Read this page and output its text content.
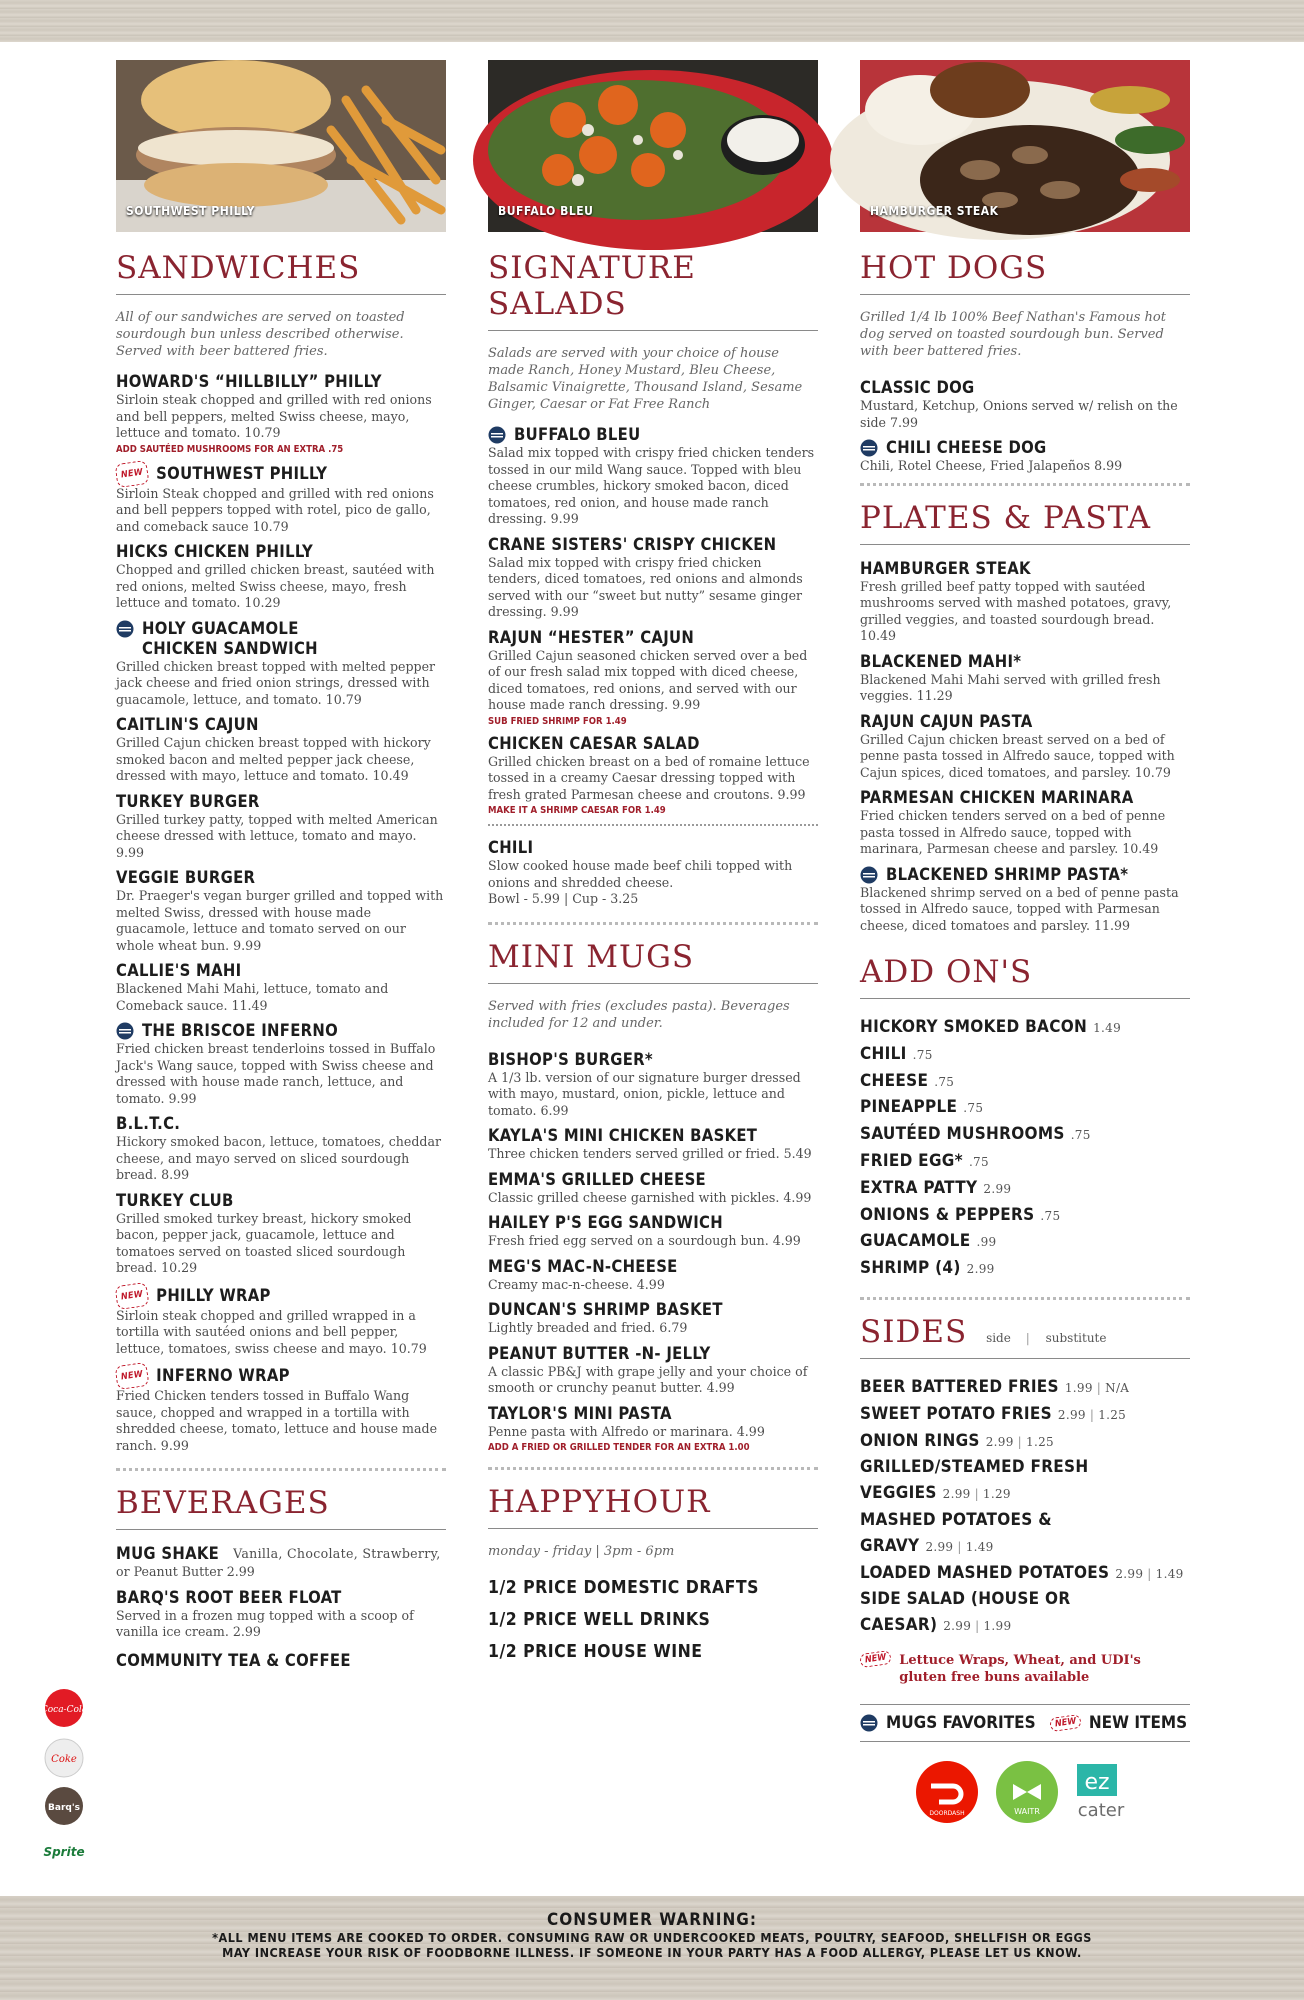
SOUTHWEST PHILLY
SANDWICHES
All of our sandwiches are served on toasted sourdough bun unless described otherwise. Served with beer battered fries.
HOWARD'S “HILLBILLY” PHILLY
Sirloin steak chopped and grilled with red onions and bell peppers, melted Swiss cheese, mayo, lettuce and tomato. 10.79
ADD SAUTÉED MUSHROOMS FOR AN EXTRA .75
NEW SOUTHWEST PHILLY
Sirloin Steak chopped and grilled with red onions and bell peppers topped with rotel, pico de gallo, and comeback sauce 10.79
HICKS CHICKEN PHILLY
Chopped and grilled chicken breast, sautéed with red onions, melted Swiss cheese, mayo, fresh lettuce and tomato. 10.29
HOLY GUACAMOLE
CHICKEN SANDWICH
Grilled chicken breast topped with melted pepper jack cheese and fried onion strings, dressed with guacamole, lettuce, and tomato. 10.79
CAITLIN'S CAJUN
Grilled Cajun chicken breast topped with hickory smoked bacon and melted pepper jack cheese, dressed with mayo, lettuce and tomato. 10.49
TURKEY BURGER
Grilled turkey patty, topped with melted American cheese dressed with lettuce, tomato and mayo. 9.99
VEGGIE BURGER
Dr. Praeger's vegan burger grilled and topped with melted Swiss, dressed with house made guacamole, lettuce and tomato served on our whole wheat bun. 9.99
CALLIE'S MAHI
Blackened Mahi Mahi, lettuce, tomato and Comeback sauce. 11.49
THE BRISCOE INFERNO
Fried chicken breast tenderloins tossed in Buffalo Jack's Wang sauce, topped with Swiss cheese and dressed with house made ranch, lettuce, and tomato. 9.99
B.L.T.C.
Hickory smoked bacon, lettuce, tomatoes, cheddar cheese, and mayo served on sliced sourdough bread. 8.99
TURKEY CLUB
Grilled smoked turkey breast, hickory smoked bacon, pepper jack, guacamole, lettuce and tomatoes served on toasted sliced sourdough bread. 10.29
NEW PHILLY WRAP
Sirloin steak chopped and grilled wrapped in a tortilla with sautéed onions and bell pepper, lettuce, tomatoes, swiss cheese and mayo. 10.79
NEW INFERNO WRAP
Fried Chicken tenders tossed in Buffalo Wang sauce, chopped and wrapped in a tortilla with shredded cheese, tomato, lettuce and house made ranch. 9.99
BEVERAGES
MUG SHAKE Vanilla, Chocolate, Strawberry,
or Peanut Butter 2.99
BARQ'S ROOT BEER FLOAT
Served in a frozen mug topped with a scoop of vanilla ice cream. 2.99
COMMUNITY TEA & COFFEE
Coca-Cola
Coke
Barq's
Sprite
BUFFALO BLEU
SIGNATURE SALADS
Salads are served with your choice of house made Ranch, Honey Mustard, Bleu Cheese, Balsamic Vinaigrette, Thousand Island, Sesame Ginger, Caesar or Fat Free Ranch
BUFFALO BLEU
Salad mix topped with crispy fried chicken tenders tossed in our mild Wang sauce. Topped with bleu cheese crumbles, hickory smoked bacon, diced tomatoes, red onion, and house made ranch dressing. 9.99
CRANE SISTERS' CRISPY CHICKEN
Salad mix topped with crispy fried chicken tenders, diced tomatoes, red onions and almonds served with our “sweet but nutty” sesame ginger dressing. 9.99
RAJUN “HESTER” CAJUN
Grilled Cajun seasoned chicken served over a bed of our fresh salad mix topped with diced cheese, diced tomatoes, red onions, and served with our house made ranch dressing. 9.99
SUB FRIED SHRIMP FOR 1.49
CHICKEN CAESAR SALAD
Grilled chicken breast on a bed of romaine lettuce tossed in a creamy Caesar dressing topped with fresh grated Parmesan cheese and croutons. 9.99
MAKE IT A SHRIMP CAESAR FOR 1.49
CHILI
Slow cooked house made beef chili topped with onions and shredded cheese.
Bowl - 5.99 | Cup - 3.25
MINI MUGS
Served with fries (excludes pasta). Beverages included for 12 and under.
BISHOP'S BURGER*
A 1/3 lb. version of our signature burger dressed with mayo, mustard, onion, pickle, lettuce and tomato. 6.99
KAYLA'S MINI CHICKEN BASKET
Three chicken tenders served grilled or fried. 5.49
EMMA'S GRILLED CHEESE
Classic grilled cheese garnished with pickles. 4.99
HAILEY P'S EGG SANDWICH
Fresh fried egg served on a sourdough bun. 4.99
MEG'S MAC-N-CHEESE
Creamy mac-n-cheese. 4.99
DUNCAN'S SHRIMP BASKET
Lightly breaded and fried. 6.79
PEANUT BUTTER -N- JELLY
A classic PB&J with grape jelly and your choice of smooth or crunchy peanut butter. 4.99
TAYLOR'S MINI PASTA
Penne pasta with Alfredo or marinara. 4.99
ADD A FRIED OR GRILLED TENDER FOR AN EXTRA 1.00
HAPPYHOUR
monday - friday | 3pm - 6pm
1/2 PRICE DOMESTIC DRAFTS
1/2 PRICE WELL DRINKS
1/2 PRICE HOUSE WINE
HAMBURGER STEAK
HOT DOGS
Grilled 1/4 lb 100% Beef Nathan's Famous hot dog served on toasted sourdough bun. Served with beer battered fries.
CLASSIC DOG
Mustard, Ketchup, Onions served w/ relish on the side 7.99
CHILI CHEESE DOG
Chili, Rotel Cheese, Fried Jalapeños 8.99
PLATES & PASTA
HAMBURGER STEAK
Fresh grilled beef patty topped with sautéed mushrooms served with mashed potatoes, gravy, grilled veggies, and toasted sourdough bread. 10.49
BLACKENED MAHI*
Blackened Mahi Mahi served with grilled fresh veggies. 11.29
RAJUN CAJUN PASTA
Grilled Cajun chicken breast served on a bed of penne pasta tossed in Alfredo sauce, topped with Cajun spices, diced tomatoes, and parsley. 10.79
PARMESAN CHICKEN MARINARA
Fried chicken tenders served on a bed of penne pasta tossed in Alfredo sauce, topped with marinara, Parmesan cheese and parsley. 10.49
BLACKENED SHRIMP PASTA*
Blackened shrimp served on a bed of penne pasta tossed in Alfredo sauce, topped with Parmesan cheese, diced tomatoes and parsley. 11.99
ADD ON'S
HICKORY SMOKED BACON 1.49
CHILI .75
CHEESE .75
PINEAPPLE .75
SAUTÉED MUSHROOMS .75
FRIED EGG* .75
EXTRA PATTY 2.99
ONIONS & PEPPERS .75
GUACAMOLE .99
SHRIMP (4) 2.99
SIDES side | substitute
BEER BATTERED FRIES 1.99 | N/A
SWEET POTATO FRIES 2.99 | 1.25
ONION RINGS 2.99 | 1.25
GRILLED/STEAMED FRESH VEGGIES 2.99 | 1.29
MASHED POTATOES & GRAVY 2.99 | 1.49
LOADED MASHED POTATOES 2.99 | 1.49
SIDE SALAD (HOUSE OR CAESAR) 2.99 | 1.99
NEW Lettuce Wraps, Wheat, and UDI's gluten free buns available
MUGS FAVORITES	NEW NEW ITEMS
DOORDASH	WAITR
ez
cater
CONSUMER WARNING:
*ALL MENU ITEMS ARE COOKED TO ORDER. CONSUMING RAW OR UNDERCOOKED MEATS, POULTRY, SEAFOOD, SHELLFISH OR EGGS
MAY INCREASE YOUR RISK OF FOODBORNE ILLNESS. IF SOMEONE IN YOUR PARTY HAS A FOOD ALLERGY, PLEASE LET US KNOW.
